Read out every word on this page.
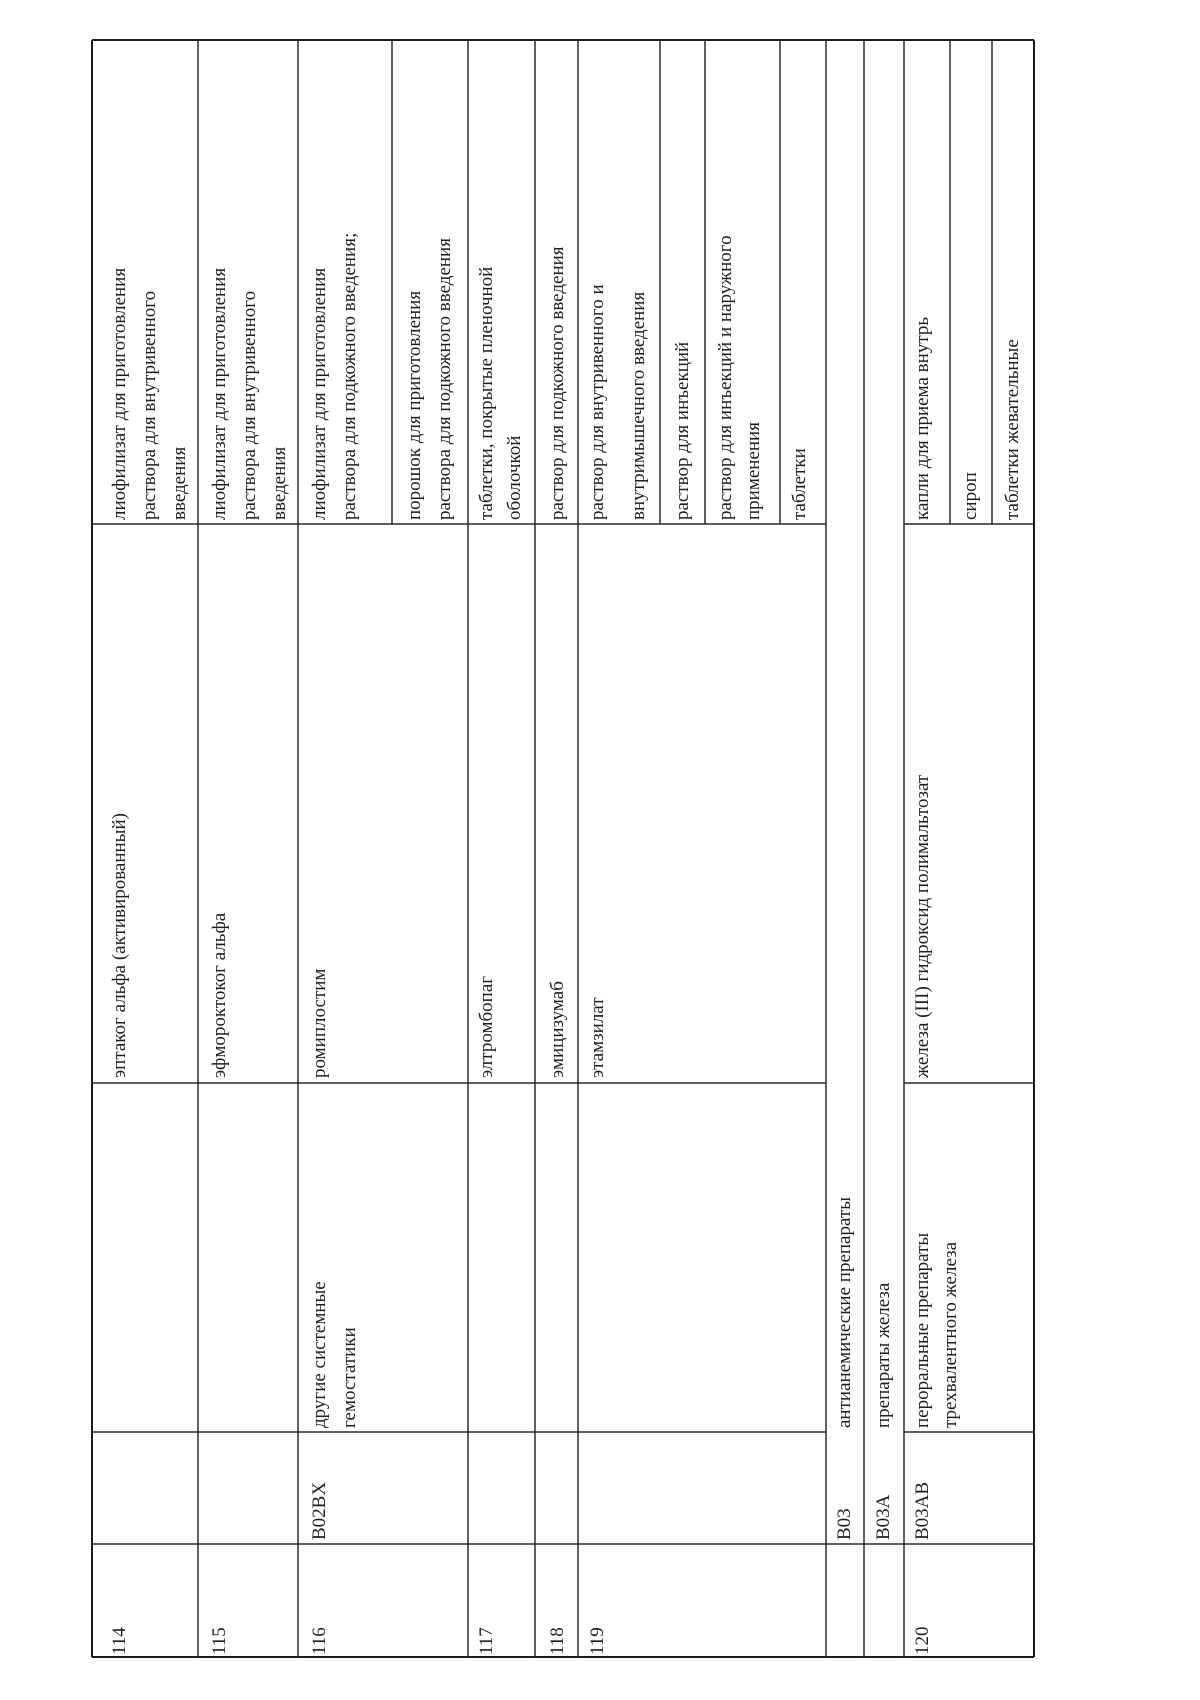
114
эптаког альфа (активированный)
лиофилизат для приготовления раствора для внутривенного введения
115
эфмороктоког альфа
лиофилизат для приготовления раствора для внутривенного введения
116
B02BX
другие системные гемостатики
ромиплостим
лиофилизат для приготовления раствора для подкожного введения; порошок для приготовления раствора для подкожного введения
117
элтромбопаг
таблетки, покрытые пленочной оболочкой
118
эмицизумаб
раствор для подкожного введения
119
этамзилат
раствор для внутривенного и внутримышечного введения раствор для инъекций раствор для инъекций и наружного применения таблетки
B03
антианемические препараты
B03A
препараты железа
120
B03AB
пероральные препараты трехвалентного железа
железа (III) гидроксид полимальтозат
капли для приема внутрь сироп таблетки жевательные
